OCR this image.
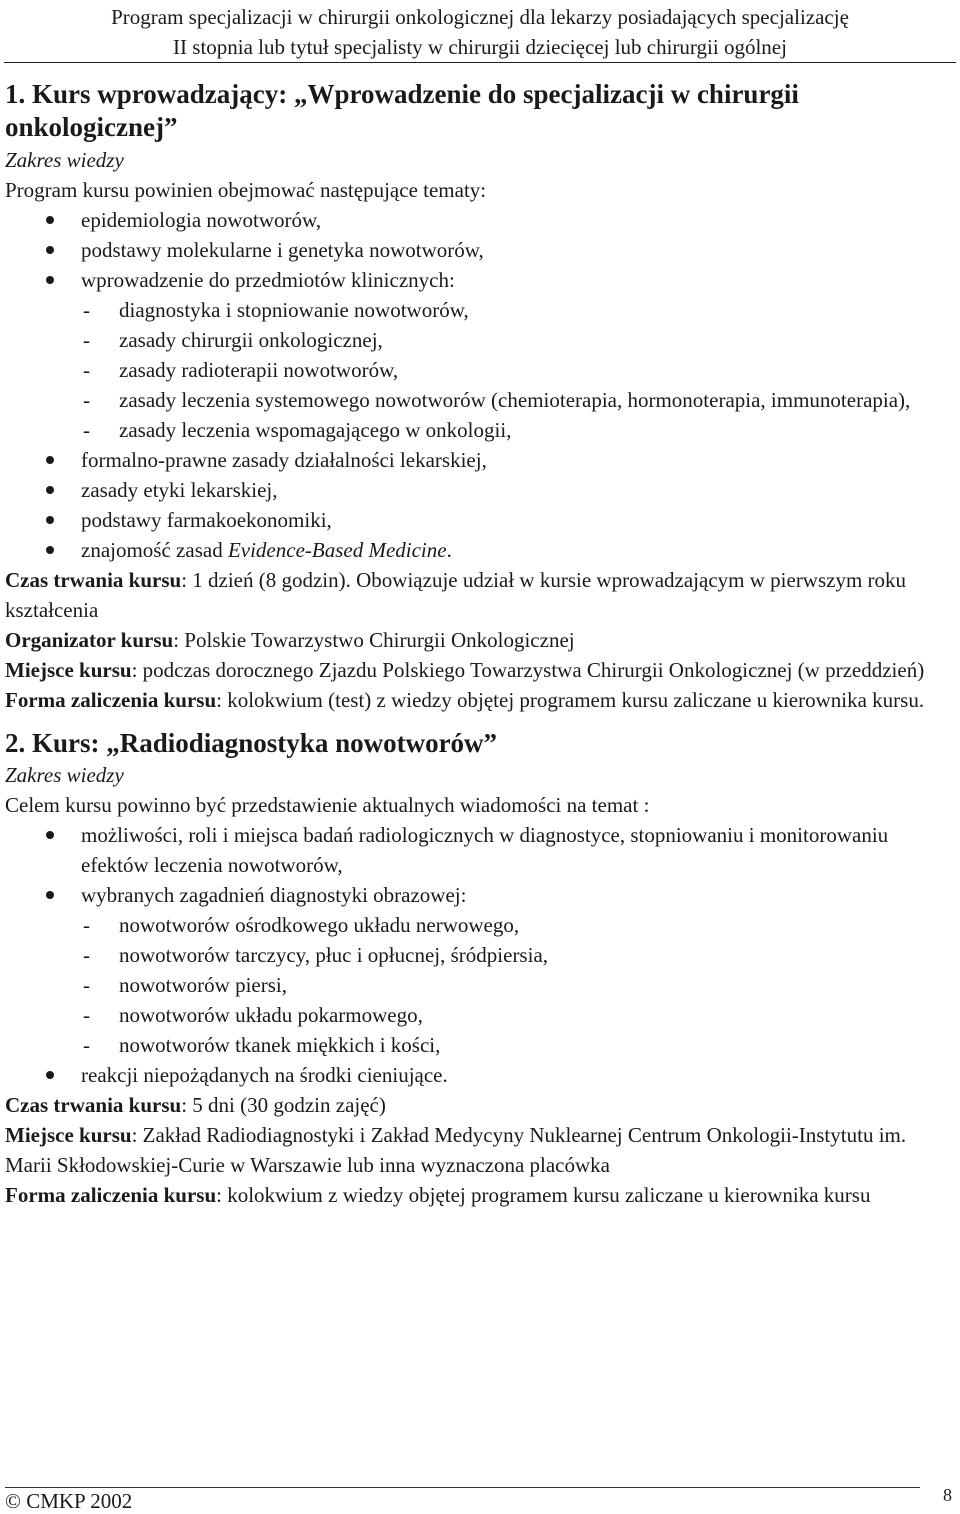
Program specjalizacji w chirurgii onkologicznej dla lekarzy posiadających specjalizację
II stopnia lub tytuł specjalisty w chirurgii dziecięcej lub chirurgii ogólnej
1. Kurs wprowadzający: „Wprowadzenie do specjalizacji w chirurgii
onkologicznej”

Zakres wiedzy

Program kursu powinien obejmować następujące tematy:

epidemiologia nowotworów,
podstawy molekularne i genetyka nowotworów,
wprowadzenie do przedmiotów klinicznych:
- diagnostyka i stopniowanie nowotworów,
- zasady chirurgii onkologicznej,
- zasady radioterapii nowotworów,
- zasady leczenia systemowego nowotworów (chemioterapia, hormonoterapia, immunoterapia),
- zasady leczenia wspomagającego w onkologii,
formalno-prawne zasady działalności lekarskiej,
zasady etyki lekarskiej,
podstawy farmakoekonomiki,
znajomość zasad Evidence-Based Medicine.

Czas trwania kursu: 1 dzień (8 godzin). Obowiązuje udział w kursie wprowadzającym w pierwszym roku kształcenia

Organizator kursu: Polskie Towarzystwo Chirurgii Onkologicznej

Miejsce kursu: podczas dorocznego Zjazdu Polskiego Towarzystwa Chirurgii Onkologicznej (w przeddzień)

Forma zaliczenia kursu: kolokwium (test) z wiedzy objętej programem kursu zaliczane u kierownika kursu.

2. Kurs: „Radiodiagnostyka nowotworów”

Zakres wiedzy

Celem kursu powinno być przedstawienie aktualnych wiadomości na temat :

możliwości, roli i miejsca badań radiologicznych w diagnostyce, stopniowaniu i monitorowaniu efektów leczenia nowotworów,
wybranych zagadnień diagnostyki obrazowej:
- nowotworów ośrodkowego układu nerwowego,
- nowotworów tarczycy, płuc i opłucnej, śródpiersia,
- nowotworów piersi,
- nowotworów układu pokarmowego,
- nowotworów tkanek miękkich i kości,
reakcji niepożądanych na środki cieniujące.

Czas trwania kursu: 5 dni (30 godzin zajęć)

Miejsce kursu: Zakład Radiodiagnostyki i Zakład Medycyny Nuklearnej Centrum Onkologii-Instytutu im. Marii Skłodowskiej-Curie w Warszawie lub inna wyznaczona placówka

Forma zaliczenia kursu: kolokwium z wiedzy objętej programem kursu zaliczane u kierownika kursu

© CMKP 2002	8
